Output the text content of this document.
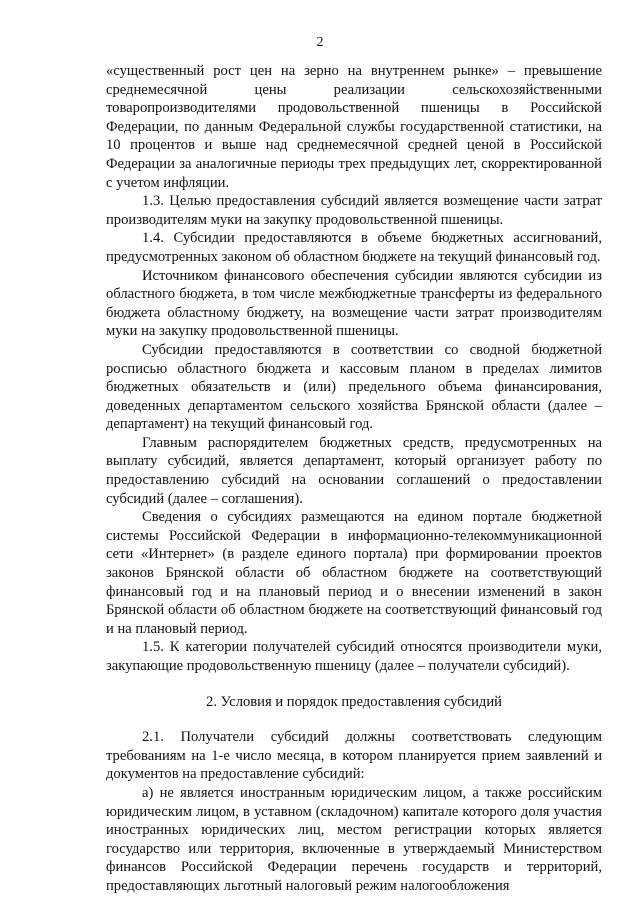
2

«существенный рост цен на зерно на внутреннем рынке» – превышение среднемесячной цены реализации сельскохозяйственными товаропроизводителями продовольственной пшеницы в Российской Федерации, по данным Федеральной службы государственной статистики, на 10 процентов и выше над среднемесячной средней ценой в Российской Федерации за аналогичные периоды трех предыдущих лет, скорректированной с учетом инфляции.

1.3. Целью предоставления субсидий является возмещение части затрат производителям муки на закупку продовольственной пшеницы.

1.4. Субсидии предоставляются в объеме бюджетных ассигнований, предусмотренных законом об областном бюджете на текущий финансовый год.

Источником финансового обеспечения субсидии являются субсидии из областного бюджета, в том числе межбюджетные трансферты из федерального бюджета областному бюджету, на возмещение части затрат производителям муки на закупку продовольственной пшеницы.

Субсидии предоставляются в соответствии со сводной бюджетной росписью областного бюджета и кассовым планом в пределах лимитов бюджетных обязательств и (или) предельного объема финансирования, доведенных департаментом сельского хозяйства Брянской области (далее – департамент) на текущий финансовый год.

Главным распорядителем бюджетных средств, предусмотренных на выплату субсидий, является департамент, который организует работу по предоставлению субсидий на основании соглашений о предоставлении субсидий (далее – соглашения).

Сведения о субсидиях размещаются на едином портале бюджетной системы Российской Федерации в информационно-телекоммуникационной сети «Интернет» (в разделе единого портала) при формировании проектов законов Брянской области об областном бюджете на соответствующий финансовый год и на плановый период и о внесении изменений в закон Брянской области об областном бюджете на соответствующий финансовый год и на плановый период.

1.5. К категории получателей субсидий относятся производители муки, закупающие продовольственную пшеницу (далее – получатели субсидий).

2. Условия и порядок предоставления субсидий

2.1. Получатели субсидий должны соответствовать следующим требованиям на 1-е число месяца, в котором планируется прием заявлений и документов на предоставление субсидий:

а) не является иностранным юридическим лицом, а также российским юридическим лицом, в уставном (складочном) капитале которого доля участия иностранных юридических лиц, местом регистрации которых является государство или территория, включенные в утверждаемый Министерством финансов Российской Федерации перечень государств и территорий, предоставляющих льготный налоговый режим налогообложения
